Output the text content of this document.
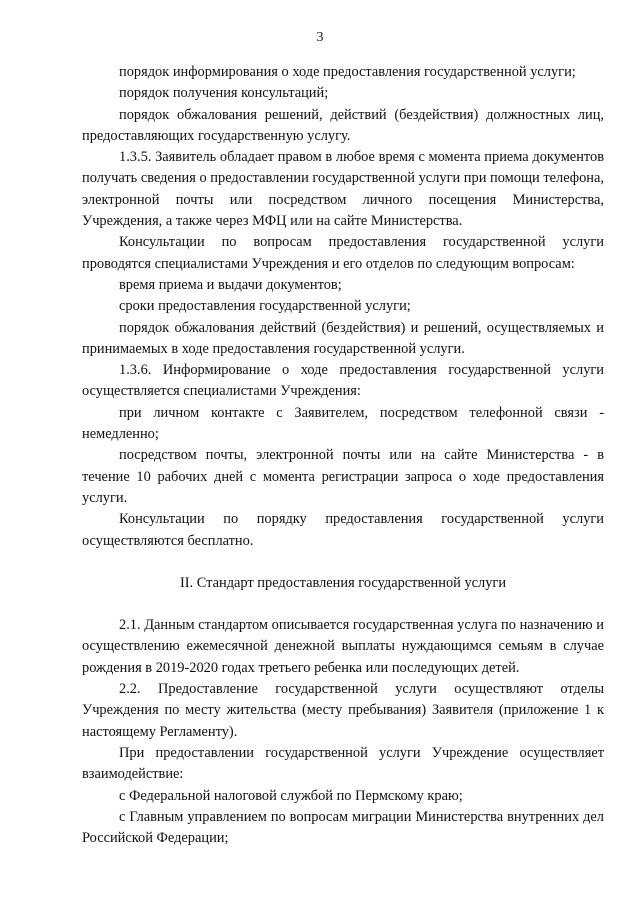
3

порядок информирования о ходе предоставления государственной услуги;

порядок получения консультаций;

порядок обжалования решений, действий (бездействия) должностных лиц, предоставляющих государственную услугу.

1.3.5. Заявитель обладает правом в любое время с момента приема документов получать сведения о предоставлении государственной услуги при помощи телефона, электронной почты или посредством личного посещения Министерства, Учреждения, а также через МФЦ или на сайте Министерства.

Консультации по вопросам предоставления государственной услуги проводятся специалистами Учреждения и его отделов по следующим вопросам:

время приема и выдачи документов;

сроки предоставления государственной услуги;

порядок обжалования действий (бездействия) и решений, осуществляемых и принимаемых в ходе предоставления государственной услуги.

1.3.6. Информирование о ходе предоставления государственной услуги осуществляется специалистами Учреждения:

при личном контакте с Заявителем, посредством телефонной связи - немедленно;

посредством почты, электронной почты или на сайте Министерства - в течение 10 рабочих дней с момента регистрации запроса о ходе предоставления услуги.

Консультации по порядку предоставления государственной услуги осуществляются бесплатно.

II. Стандарт предоставления государственной услуги

2.1. Данным стандартом описывается государственная услуга по назначению и осуществлению ежемесячной денежной выплаты нуждающимся семьям в случае рождения в 2019-2020 годах третьего ребенка или последующих детей.

2.2. Предоставление государственной услуги осуществляют отделы Учреждения по месту жительства (месту пребывания) Заявителя (приложение 1 к настоящему Регламенту).

При предоставлении государственной услуги Учреждение осуществляет взаимодействие:

с Федеральной налоговой службой по Пермскому краю;

с Главным управлением по вопросам миграции Министерства внутренних дел Российской Федерации;
